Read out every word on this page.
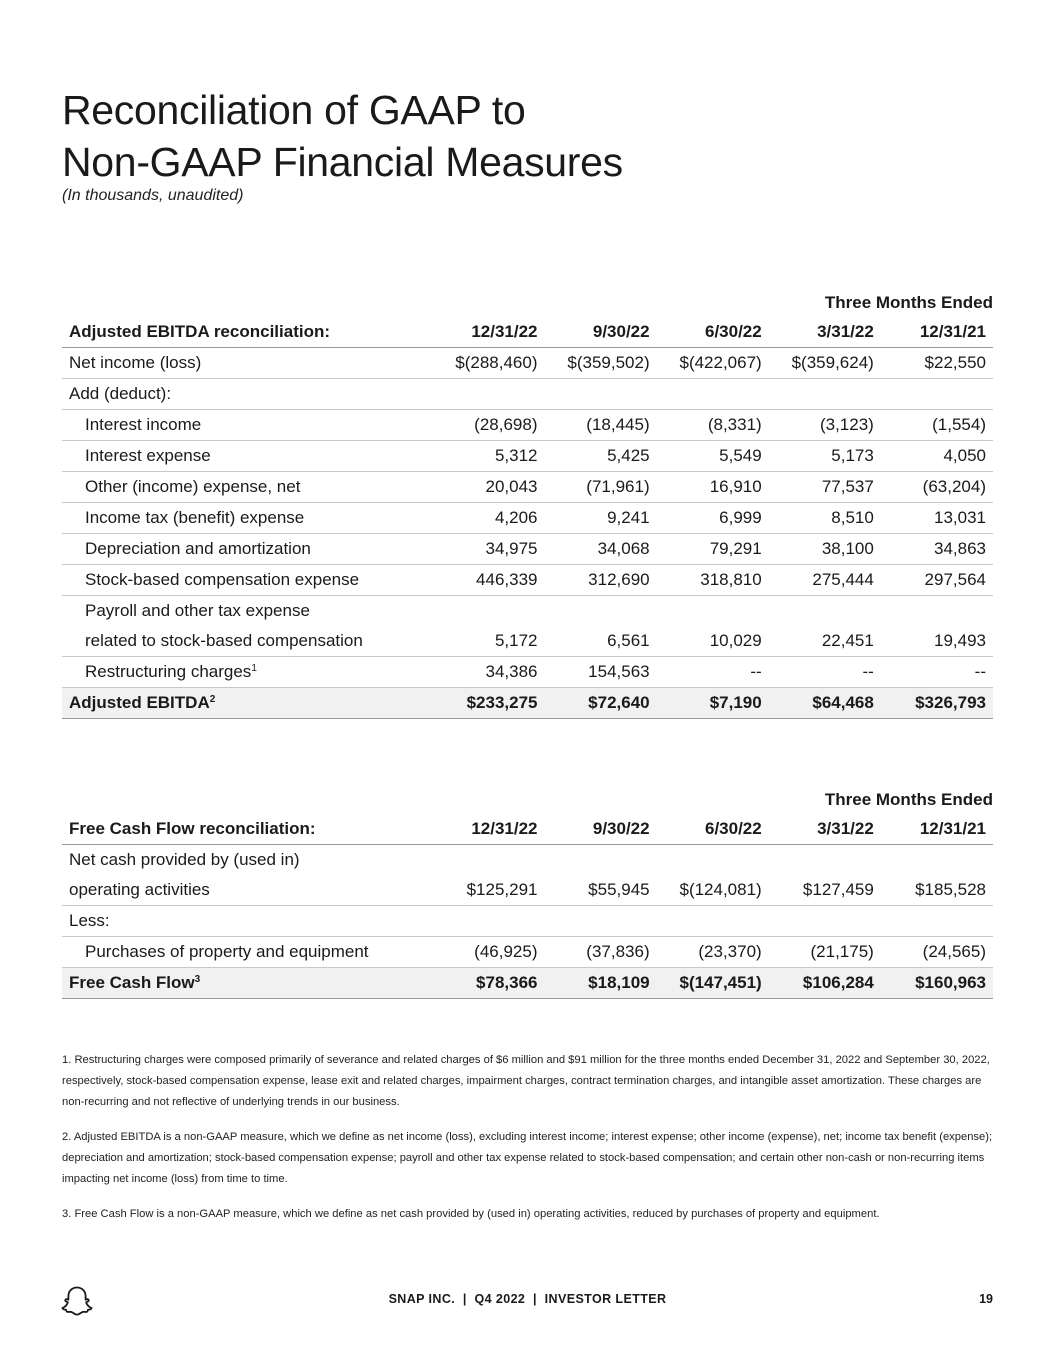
Reconciliation of GAAP to
Non-GAAP Financial Measures
(In thousands, unaudited)
Three Months Ended					
Adjusted EBITDA reconciliation:	12/31/22	9/30/22	6/30/22	3/31/22	12/31/21
Net income (loss)	$(288,460)	$(359,502)	$(422,067)	$(359,624)	$22,550
Add (deduct):					
Interest income	(28,698)	(18,445)	(8,331)	(3,123)	(1,554)
Interest expense	5,312	5,425	5,549	5,173	4,050
Other (income) expense, net	20,043	(71,961)	16,910	77,537	(63,204)
Income tax (benefit) expense	4,206	9,241	6,999	8,510	13,031
Depreciation and amortization	34,975	34,068	79,291	38,100	34,863
Stock-based compensation expense	446,339	312,690	318,810	275,444	297,564
Payroll and other tax expense					
related to stock-based compensation	5,172	6,561	10,029	22,451	19,493
Restructuring charges$^1$	34,386	154,563	--	--	--
Adjusted EBITDA$^2$	$233,275	$72,640	$7,190	$64,468	$326,793
Three Months Ended					
Free Cash Flow reconciliation:	12/31/22	9/30/22	6/30/22	3/31/22	12/31/21
Net cash provided by (used in)					
operating activities	$125,291	$55,945	$(124,081)	$127,459	$185,528
Less:					
Purchases of property and equipment	(46,925)	(37,836)	(23,370)	(21,175)	(24,565)
Free Cash Flow$^3$	$78,366	$18,109	$(147,451)	$106,284	$160,963

1. Restructuring charges were composed primarily of severance and related charges of $6 million and $91 million for the three months ended December 31, 2022 and September 30, 2022, respectively, stock-based compensation expense, lease exit and related charges, impairment charges, contract termination charges, and intangible asset amortization. These charges are non-recurring and not reflective of underlying trends in our business.

2. Adjusted EBITDA is a non-GAAP measure, which we define as net income (loss), excluding interest income; interest expense; other income (expense), net; income tax benefit (expense); depreciation and amortization; stock-based compensation expense; payroll and other tax expense related to stock-based compensation; and certain other non-cash or non-recurring items impacting net income (loss) from time to time.

3. Free Cash Flow is a non-GAAP measure, which we define as net cash provided by (used in) operating activities, reduced by purchases of property and equipment.

SNAP INC.  |  Q4 2022  |  INVESTOR LETTER	19
